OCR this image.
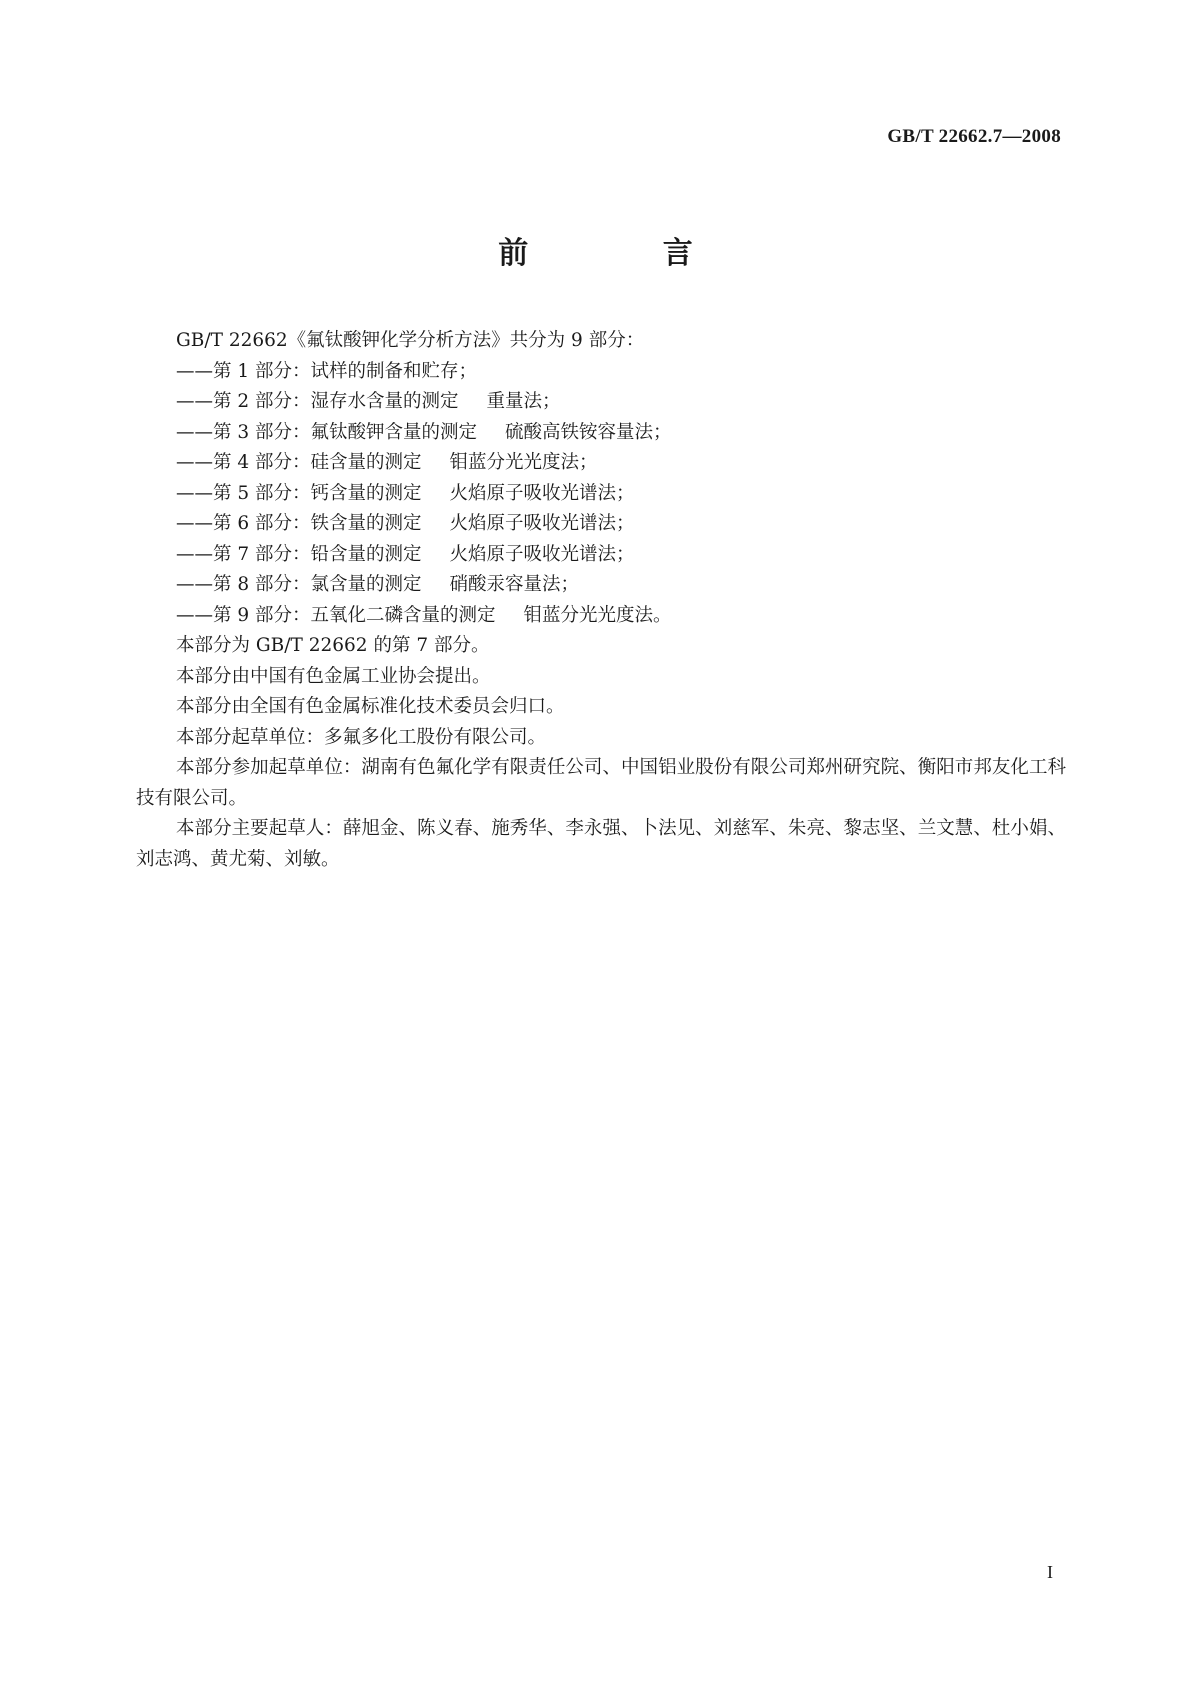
GB/T 22662.7—2008
前 言

GB/T 22662《氟钛酸钾化学分析方法》共分为 9 部分：

——第 1 部分：试样的制备和贮存；

——第 2 部分：湿存水含量的测定 重量法；

——第 3 部分：氟钛酸钾含量的测定 硫酸高铁铵容量法；

——第 4 部分：硅含量的测定 钼蓝分光光度法；

——第 5 部分：钙含量的测定 火焰原子吸收光谱法；

——第 6 部分：铁含量的测定 火焰原子吸收光谱法；

——第 7 部分：铅含量的测定 火焰原子吸收光谱法；

——第 8 部分：氯含量的测定 硝酸汞容量法；

——第 9 部分：五氧化二磷含量的测定 钼蓝分光光度法。

本部分为 GB/T 22662 的第 7 部分。

本部分由中国有色金属工业协会提出。

本部分由全国有色金属标准化技术委员会归口。

本部分起草单位：多氟多化工股份有限公司。

本部分参加起草单位：湖南有色氟化学有限责任公司、中国铝业股份有限公司郑州研究院、衡阳市邦友化工科技有限公司。

本部分主要起草人：薛旭金、陈义春、施秀华、李永强、卜法见、刘慈军、朱亮、黎志坚、兰文慧、杜小娟、刘志鸿、黄尤菊、刘敏。

I
